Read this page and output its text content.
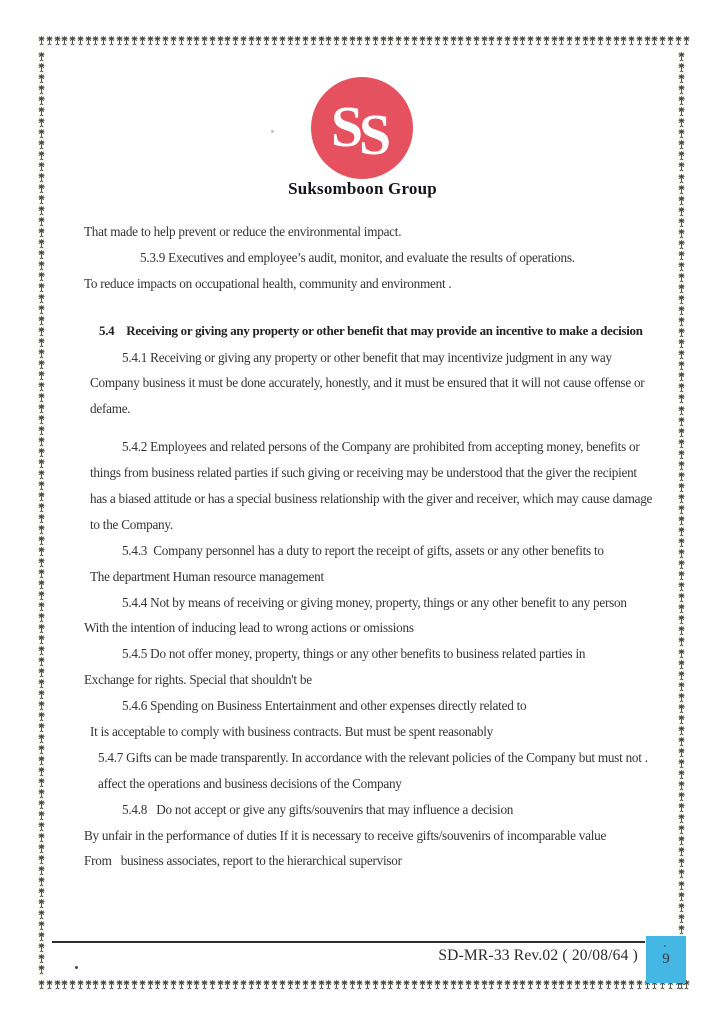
S
S
Suksomboon Group
That made to help prevent or reduce the environmental impact.
5.3.9 Executives and employee’s audit, monitor, and evaluate the results of operations.
To reduce impacts on occupational health, community and environment .
5.4    Receiving or giving any property or other benefit that may provide an incentive to make a decision
5.4.1 Receiving or giving any property or other benefit that may incentivize judgment in any way
Company business it must be done accurately, honestly, and it must be ensured that it will not cause offense or
defame.
5.4.2 Employees and related persons of the Company are prohibited from accepting money, benefits or
things from business related parties if such giving or receiving may be understood that the giver the recipient
has a biased attitude or has a special business relationship with the giver and receiver, which may cause damage
to the Company.
5.4.3  Company personnel has a duty to report the receipt of gifts, assets or any other benefits to
The department Human resource management
5.4.4 Not by means of receiving or giving money, property, things or any other benefit to any person
With the intention of inducing lead to wrong actions or omissions
5.4.5 Do not offer money, property, things or any other benefits to business related parties in
Exchange for rights. Special that shouldn't be
5.4.6 Spending on Business Entertainment and other expenses directly related to
It is acceptable to comply with business contracts. But must be spent reasonably
5.4.7 Gifts can be made transparently. In accordance with the relevant policies of the Company but must not .
affect the operations and business decisions of the Company
5.4.8   Do not accept or give any gifts/souvenirs that may influence a decision
By unfair in the performance of duties If it is necessary to receive gifts/souvenirs of incomparable value
From   business associates, report to the hierarchical supervisor
SD-MR-33 Rev.02 ( 20/08/64 ) 9
